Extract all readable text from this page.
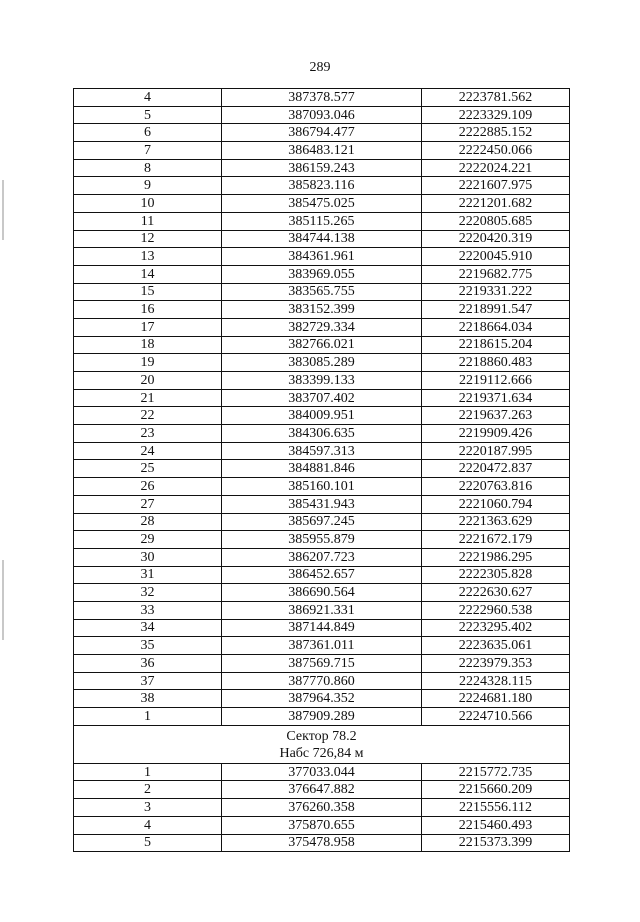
289
4	387378.577	2223781.562
5	387093.046	2223329.109
6	386794.477	2222885.152
7	386483.121	2222450.066
8	386159.243	2222024.221
9	385823.116	2221607.975
10	385475.025	2221201.682
11	385115.265	2220805.685
12	384744.138	2220420.319
13	384361.961	2220045.910
14	383969.055	2219682.775
15	383565.755	2219331.222
16	383152.399	2218991.547
17	382729.334	2218664.034
18	382766.021	2218615.204
19	383085.289	2218860.483
20	383399.133	2219112.666
21	383707.402	2219371.634
22	384009.951	2219637.263
23	384306.635	2219909.426
24	384597.313	2220187.995
25	384881.846	2220472.837
26	385160.101	2220763.816
27	385431.943	2221060.794
28	385697.245	2221363.629
29	385955.879	2221672.179
30	386207.723	2221986.295
31	386452.657	2222305.828
32	386690.564	2222630.627
33	386921.331	2222960.538
34	387144.849	2223295.402
35	387361.011	2223635.061
36	387569.715	2223979.353
37	387770.860	2224328.115
38	387964.352	2224681.180
1	387909.289	2224710.566

Сектор 78.2
Набс 726,84 м		

1	377033.044	2215772.735
2	376647.882	2215660.209
3	376260.358	2215556.112
4	375870.655	2215460.493
5	375478.958	2215373.399
